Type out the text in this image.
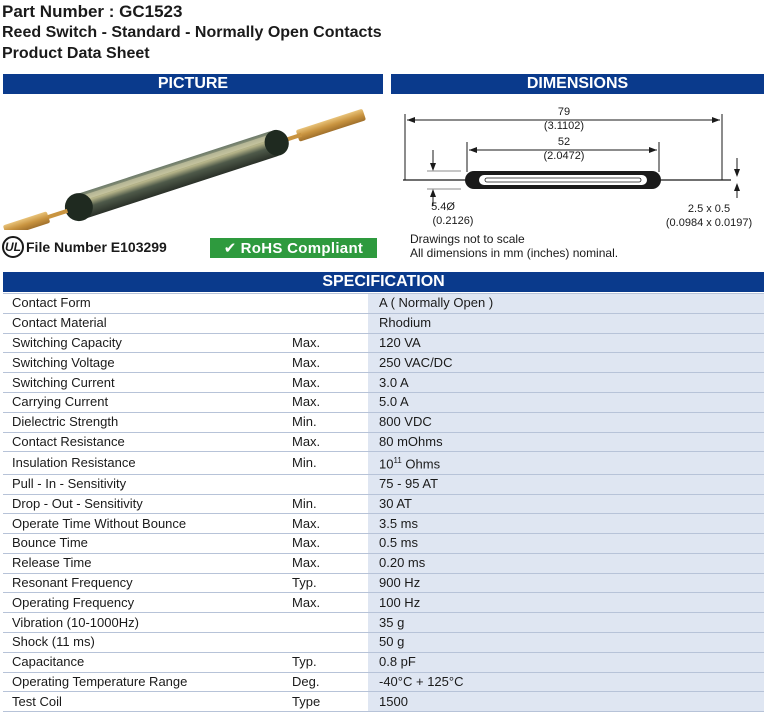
Part Number : GC1523
Reed Switch - Standard - Normally Open Contacts
Product Data Sheet
PICTURE	DIMENSIONS
UL File Number E103299	✔ RoHS Compliant
79
(3.1102)
52
(2.0472)
5.4Ø
(0.2126)
2.5 x 0.5
(0.0984 x 0.0197)
Drawings not to scale
All dimensions in mm (inches) nominal.
SPECIFICATION
Contact Form		A ( Normally Open )
Contact Material		Rhodium
Switching Capacity	Max.	120 VA
Switching Voltage	Max.	250 VAC/DC
Switching Current	Max.	3.0 A
Carrying Current	Max.	5.0 A
Dielectric Strength	Min.	800 VDC
Contact Resistance	Max.	80 mOhms
Insulation Resistance	Min.	$10^{11}$ Ohms
Pull - In - Sensitivity		75 - 95 AT
Drop - Out - Sensitivity	Min.	30 AT
Operate Time Without Bounce	Max.	3.5 ms
Bounce Time	Max.	0.5 ms
Release Time	Max.	0.20 ms
Resonant Frequency	Typ.	900 Hz
Operating Frequency	Max.	100 Hz
Vibration (10-1000Hz)		35 g
Shock (11 ms)		50 g
Capacitance	Typ.	0.8 pF
Operating Temperature Range	Deg.	-40°C + 125°C
Test Coil	Type	1500
